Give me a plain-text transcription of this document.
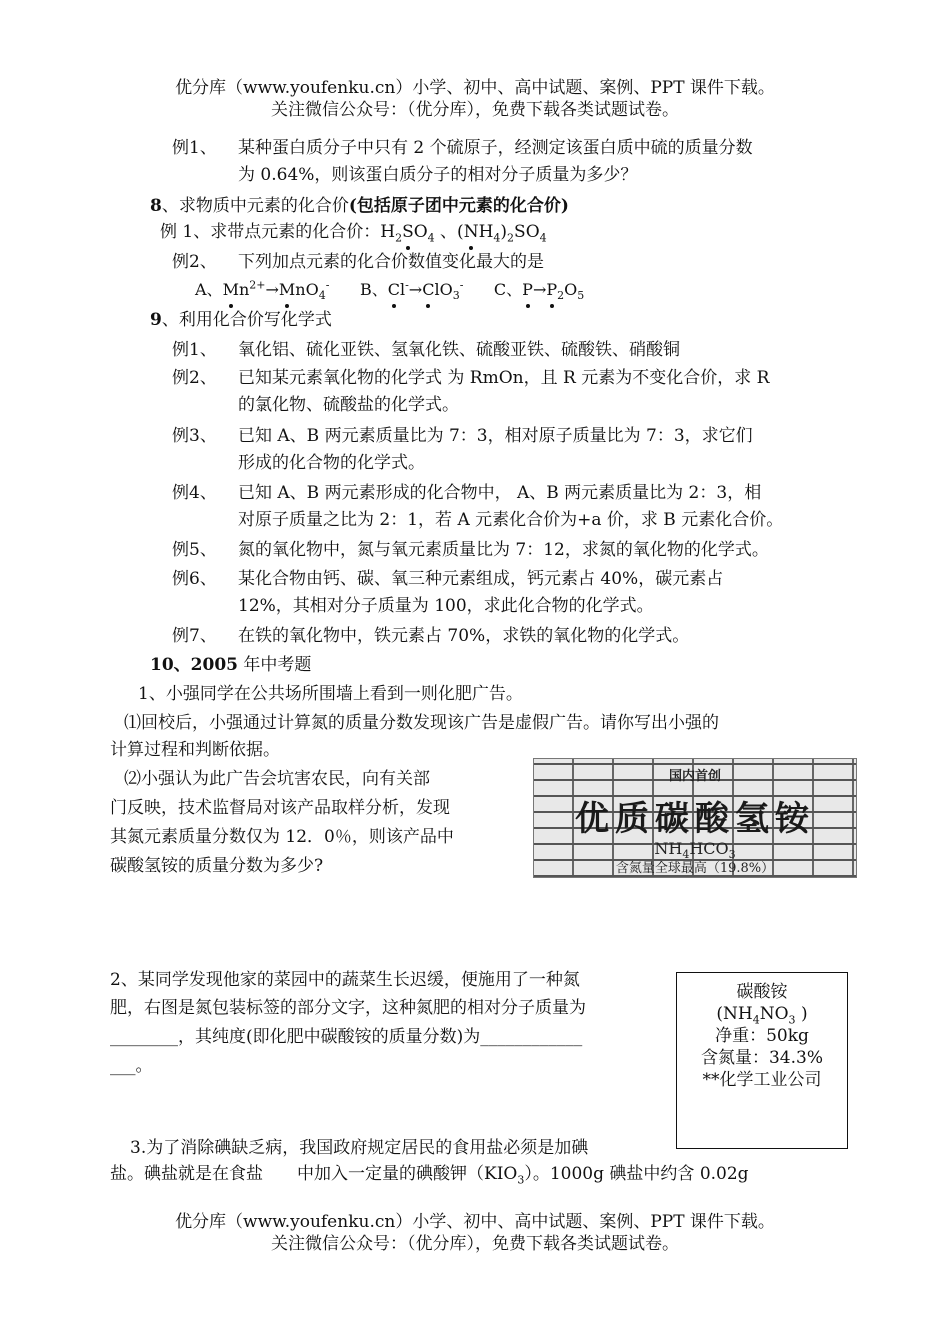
优分库（www.youfenku.cn）小学、初中、高中试题、案例、PPT 课件下载。
关注微信公众号：（优分库），免费下载各类试题试卷。
例1、 某种蛋白质分子中只有 2 个硫原子，经测定该蛋白质中硫的质量分数
为 0.64%，则该蛋白质分子的相对分子质量为多少？
8、求物质中元素的化合价(包括原子团中元素的化合价)
例 1、求带点元素的化合价：$H_2SO_4$ 、$(NH_4)_2SO_4$
例2、 下列加点元素的化合价数值变化最大的是
A、$Mn^{2+}\to MnO_4^-$      B、Cl-→ClO$_3$-      C、$P\to P_2O_5$
9、利用化合价写化学式
例1、 氧化铝、硫化亚铁、氢氧化铁、硫酸亚铁、硫酸铁、硝酸铜
例2、 已知某元素氧化物的化学式 为 RmOn，且 R 元素为不变化合价，求 R
的氯化物、硫酸盐的化学式。
例3、 已知 A、B 两元素质量比为 7：3，相对原子质量比为 7：3，求它们
形成的化合物的化学式。
例4、 已知 A、B 两元素形成的化合物中， A、B 两元素质量比为 2：3，相
对原子质量之比为 2：1，若 A 元素化合价为+a 价，求 B 元素化合价。
例5、 氮的氧化物中，氮与氧元素质量比为 7：12，求氮的氧化物的化学式。
例6、 某化合物由钙、碳、氧三种元素组成，钙元素占 40%，碳元素占
12%，其相对分子质量为 100，求此化合物的化学式。
例7、 在铁的氧化物中，铁元素占 70%，求铁的氧化物的化学式。
10、2005 年中考题
1、小强同学在公共场所围墙上看到一则化肥广告。
⑴回校后，小强通过计算氮的质量分数发现该广告是虚假广告。请你写出小强的
计算过程和判断依据。
⑵小强认为此广告会坑害农民，向有关部
门反映，技术监督局对该产品取样分析，发现
其氮元素质量分数仅为 12．0％，则该产品中
碳酸氢铵的质量分数为多少?
国内首创
优质碳酸氢铵
$NH_4HCO_3$
含氮量全球最高（19.8%）
2、某同学发现他家的菜园中的蔬菜生长迟缓，便施用了一种氮
肥，右图是氮包装标签的部分文字，这种氮肥的相对分子质量为
________，其纯度(即化肥中碳酸铵的质量分数)为____________
___。
碳酸铵
($NH_4NO_3$ )
净重：50kg
含氮量：34.3%
**化学工业公司
3.为了消除碘缺乏病，我国政府规定居民的食用盐必须是加碘
盐。碘盐就是在食盐 中加入一定量的碘酸钾$(KIO_3)$。1000g 碘盐中约含 0.02g
优分库（www.youfenku.cn）小学、初中、高中试题、案例、PPT 课件下载。
关注微信公众号：（优分库），免费下载各类试题试卷。
